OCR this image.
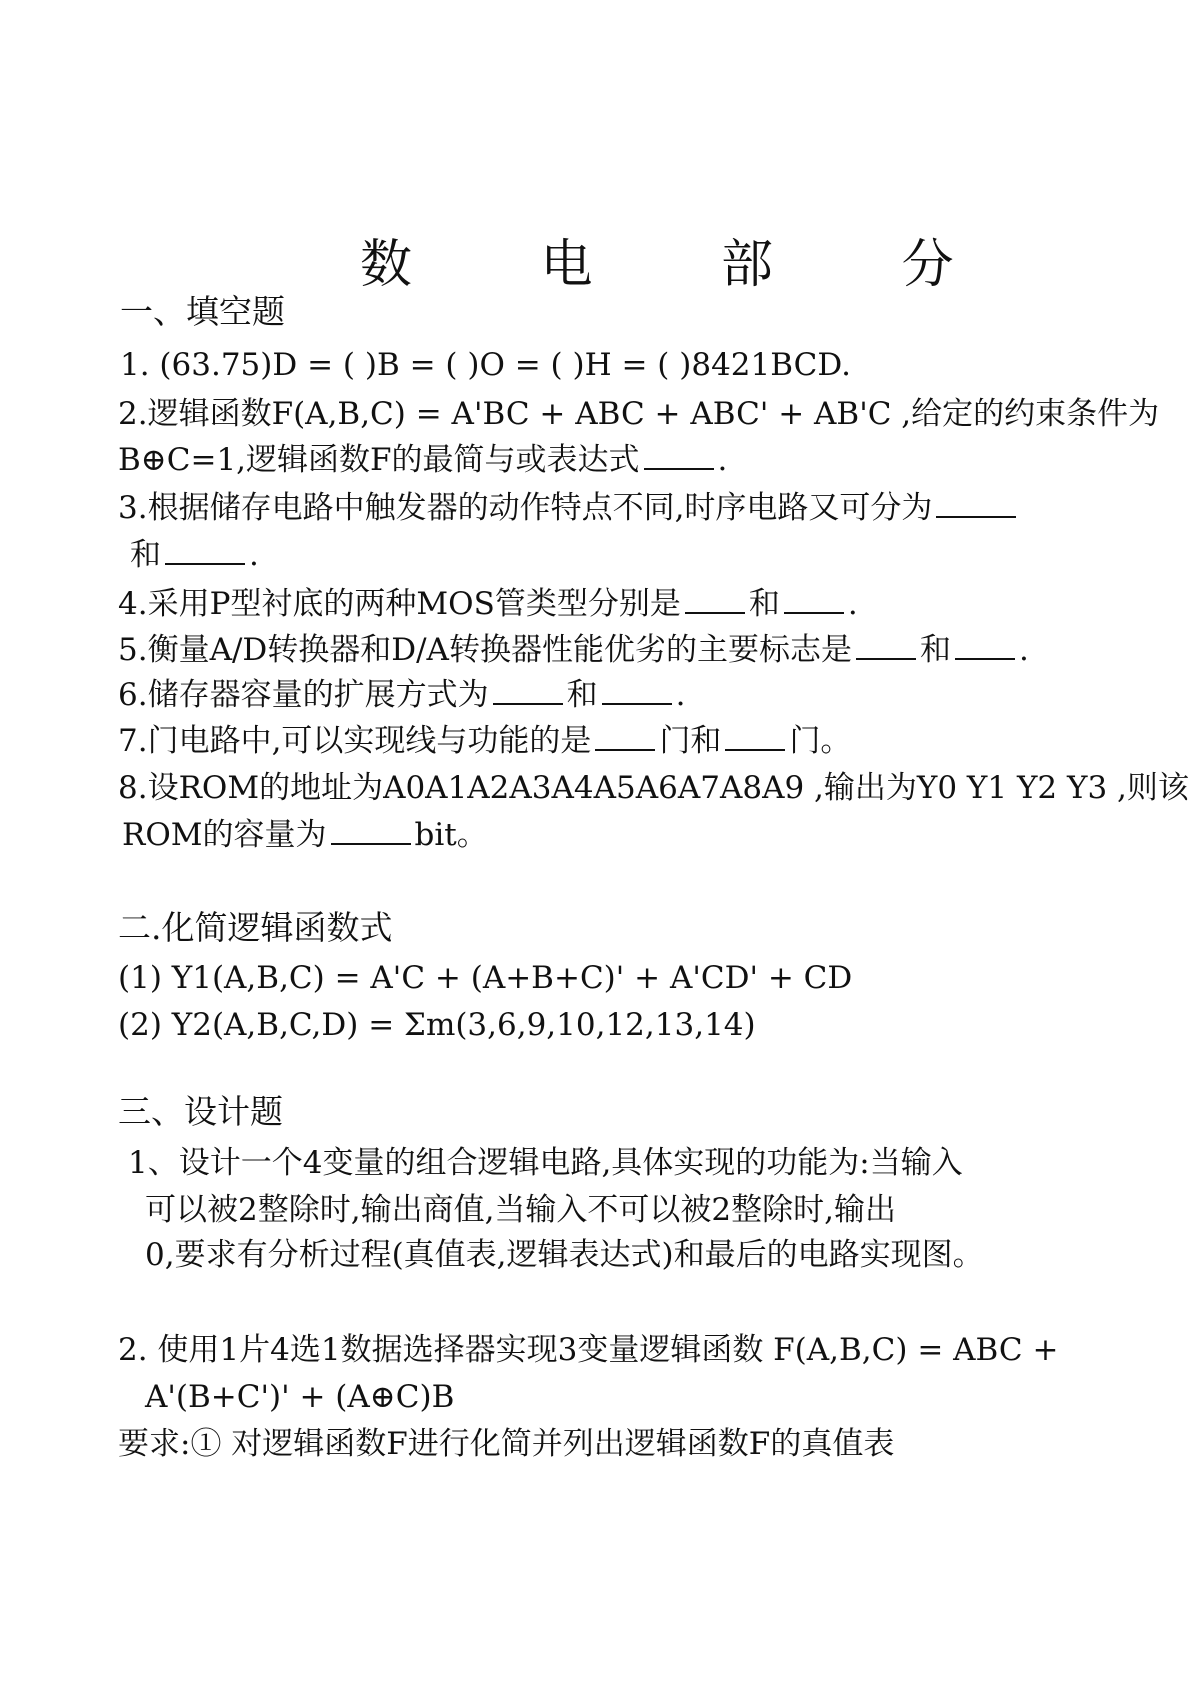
数 电 部 分
一、填空题
1. (63.75)D = ( )B = ( )O = ( )H = ( )8421BCD.
2.逻辑函数F(A,B,C) = A'BC + ABC + ABC' + AB'C ,给定的约束条件为
B⊕C=1,逻辑函数F的最简与或表达式	.
3.根据储存电路中触发器的动作特点不同,时序电路又可分为
和	.
4.采用P型衬底的两种MOS管类型分别是 和 .
5.衡量A/D转换器和D/A转换器性能优劣的主要标志是 和 .
6.储存器容量的扩展方式为	和	.
7.门电路中,可以实现线与功能的是 门和 门。
8.设ROM的地址为A0A1A2A3A4A5A6A7A8A9 ,输出为Y0 Y1 Y2 Y3 ,则该
ROM的容量为	bit。
二.化简逻辑函数式
(1) Y1(A,B,C) = A'C + (A+B+C)' + A'CD' + CD
(2) Y2(A,B,C,D) = Σm(3,6,9,10,12,13,14)
三、设计题
1、设计一个4变量的组合逻辑电路,具体实现的功能为:当输入
可以被2整除时,输出商值,当输入不可以被2整除时,输出
0,要求有分析过程(真值表,逻辑表达式)和最后的电路实现图。
2. 使用1片4选1数据选择器实现3变量逻辑函数 F(A,B,C) = ABC +
A'(B+C')' + (A⊕C)B
要求:① 对逻辑函数F进行化简并列出逻辑函数F的真值表
